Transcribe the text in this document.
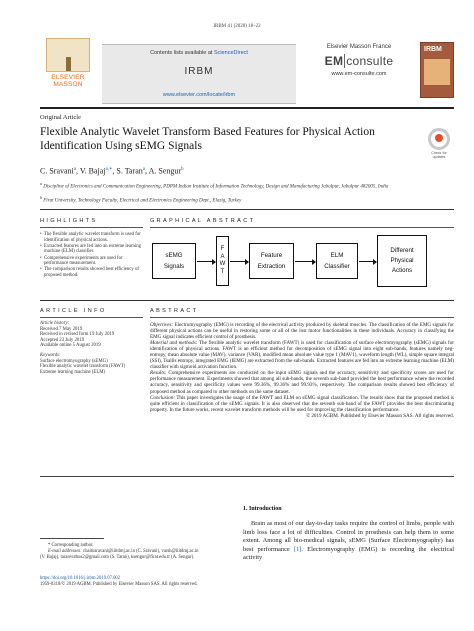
IRBM 41 (2020) 18–22
ELSEVIER
MASSON
Contents lists available at ScienceDirect
IRBM
www.elsevier.com/locate/irbm
Elsevier Masson France
EM consulte
www.em-consulte.com
IRBM
Original Article
Flexible Analytic Wavelet Transform Based Features for Physical Action Identification Using sEMG Signals
Check for updates
C. Sravani$^a$, V. Bajaj$^{a,∗}$, S. Taran$^a$, A. Sengur$^b$
$^a$ Discipline of Electronics and Communication Engineering, PDPM Indian Institute of Information Technology, Design and Manufacturing Jabalpur, Jabalpur 482005, India
$^b$ Firat University, Technology Faculty, Electrical and Electronics Engineering Dept., Elazig, Turkey
HIGHLIGHTS	GRAPHICAL ABSTRACT
• The flexible analytic wavelet transform is used for identification of physical actions.
• Extracted features are fed into an extreme learning machine (ELM) classifier.
• Comprehensive experiments are used for performance measurement.
• The comparison results showed best efficiency of proposed method.
sEMG
Signals
F
A
W
T
Feature
Extraction
ELM
Classifier
Different
Physical
Actions
ARTICLE INFO	ABSTRACT
Article history:
Received 7 May 2019
Received in revised form 19 July 2019
Accepted 23 July 2019
Available online 5 August 2019
Keywords:
Surface electromyography (sEMG)
Flexible analytic wavelet transform (FAWT)
Extreme learning machine (ELM)

Objectives: Electromyography (EMG) is recording of the electrical activity produced by skeletal muscles. The classification of the EMG signals for different physical actions can be useful in restoring some or all of the lost motor functionalities in these individuals. Accuracy in classifying the EMG signal indicates efficient control of prosthesis.

Material and methods: The flexible analytic wavelet transform (FAWT) is used for classification of surface electromyography (sEMG) signals for identification of physical actions. FAWT is an efficient method for decomposition of sEMG signal into eight sub-bands, features namely neg-entropy, mean absolute value (MAV), variance (VAR), modified mean absolute value type 1 (MAV1), waveform length (WL), simple square integral (SSI), Tsallis entropy, integrated EMG (IEMG) are extracted from the sub-bands. Extracted features are fed into an extreme learning machine (ELM) classifier with sigmoid activation function.

Results: Comprehensive experiments are conducted on the input sEMG signals and the accuracy, sensitivity and specificity scores are used for performance measurement. Experiments showed that among all sub-bands, the seventh sub-band provided the best performance where the recorded accuracy, sensitivity and specificity values were 99.36%, 99.36% and 99.93%, respectively. The comparison results showed best efficiency of proposed method as compared to other methods on the same dataset.

Conclusion: This paper investigates the usage of the FAWT and ELM on sEMG signal classification. The results show that the proposed method is quite efficient in classification of the sEMG signals. It is also observed that the seventh sub-band of the FAWT provides the best discriminating property. In the future works, recent wavelet transform methods will be used for improving the classification performance.

© 2019 AGBM. Published by Elsevier Masson SAS. All rights reserved.

1. Introduction
Brain as most of our day-to-day tasks require the control of limbs, people with limb loss face a lot of difficulties. Control in prosthesis can help them to some extent. Among all bio-medical signals, sEMG (Surface Electromyography) has best performance [1]. Electromyography (EMG) is recording the electrical activity
* Corresponding author.
E-mail addresses: chaitusravani@iiitdmj.ac.in (C. Sravani), varsh@iiitdmj.ac.in
(V. Bajaj), taranvuthus2@gmail.com (S. Taran), ksengur@firat.edu.tr (A. Sengur).
https://doi.org/10.1016/j.irbm.2019.07.002
1959-0318/© 2019 AGBM. Published by Elsevier Masson SAS. All rights reserved.
